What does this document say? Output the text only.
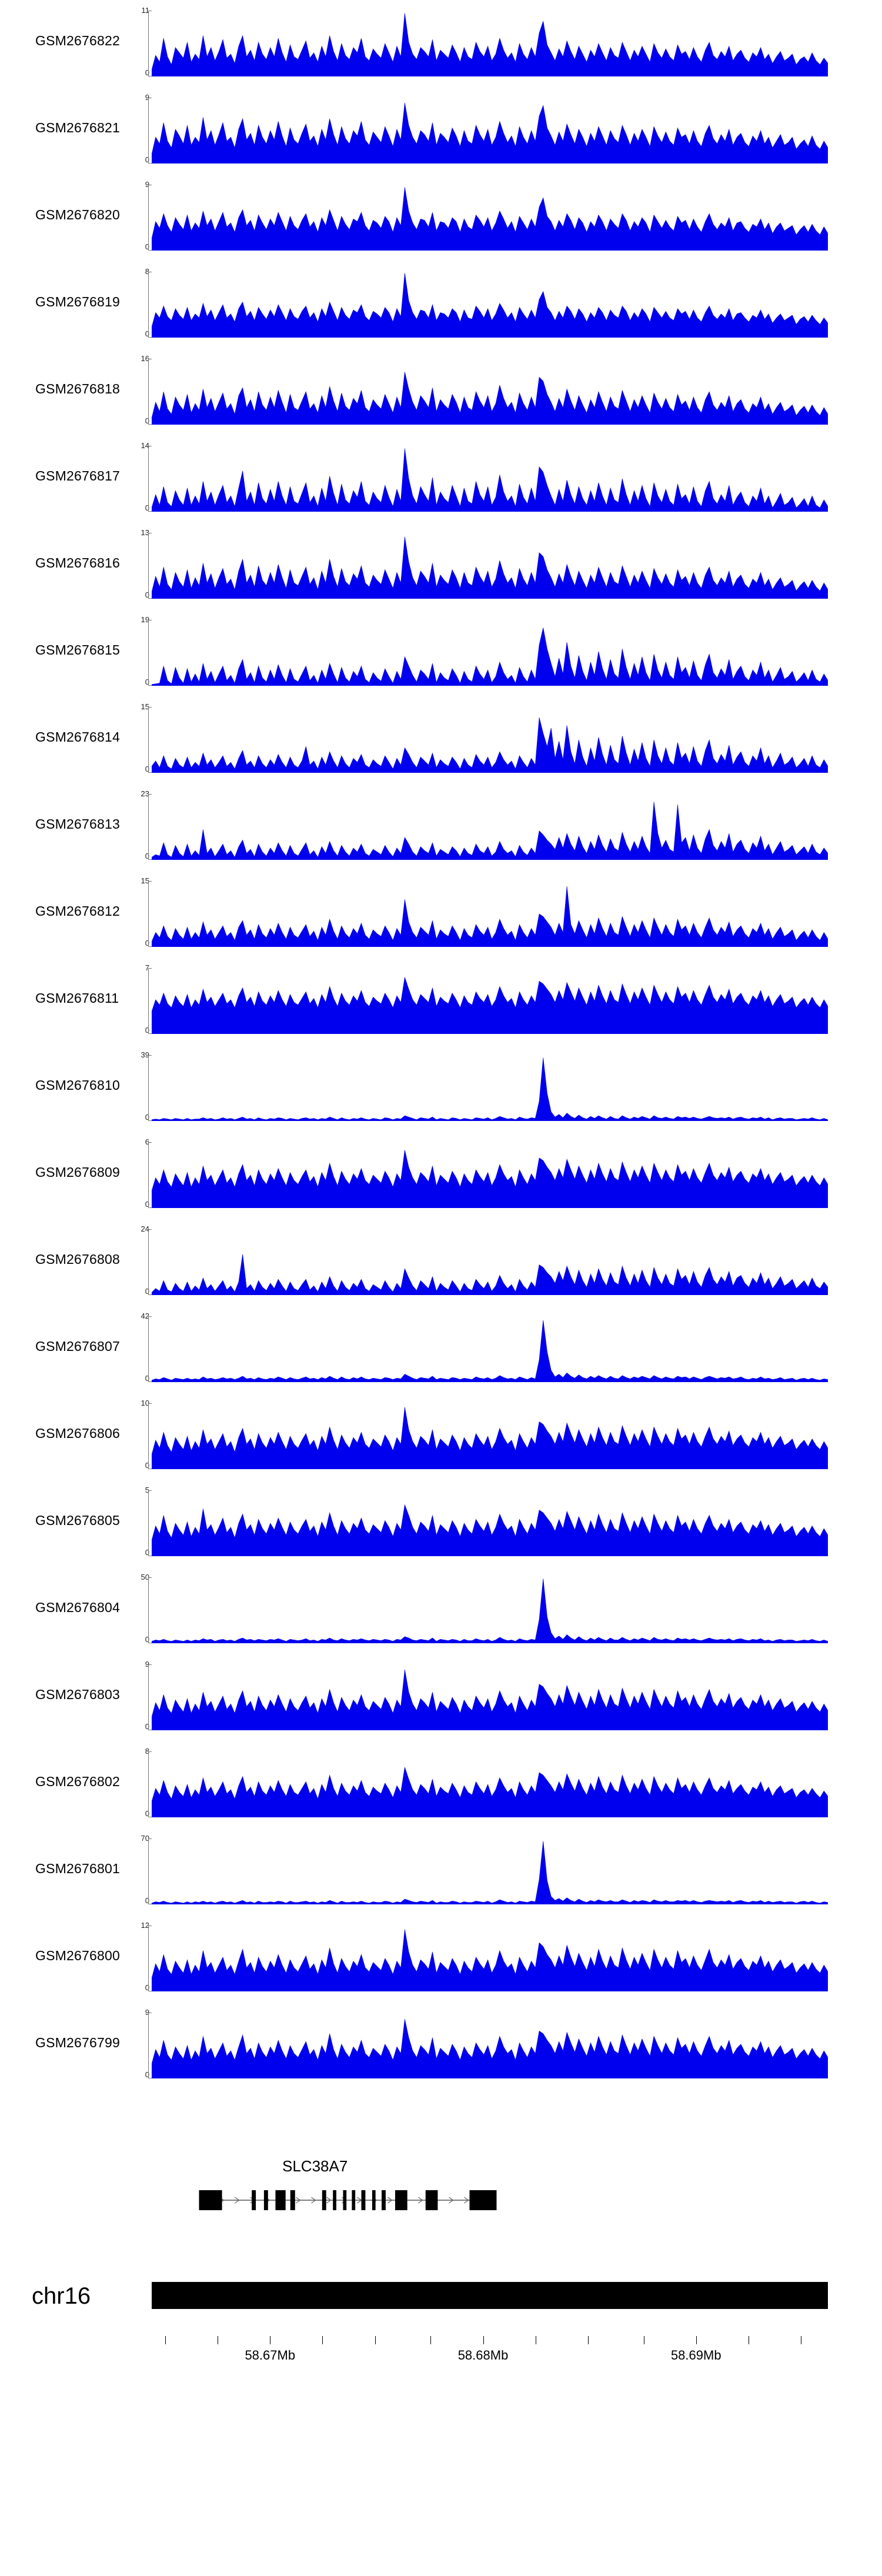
GSM2676822
11
0
GSM2676821
9
0
GSM2676820
9
0
GSM2676819
8
0
GSM2676818
16
0
GSM2676817
14
0
GSM2676816
13
0
GSM2676815
19
0
GSM2676814
15
0
GSM2676813
23
0
GSM2676812
15
0
GSM2676811
7
0
GSM2676810
39
0
GSM2676809
6
0
GSM2676808
24
0
GSM2676807
42
0
GSM2676806
10
0
GSM2676805
5
0
GSM2676804
50
0
GSM2676803
9
0
GSM2676802
8
0
GSM2676801
70
0
GSM2676800
12
0
GSM2676799
9
0
SLC38A7
chr16
58.67Mb	58.68Mb	58.69Mb
